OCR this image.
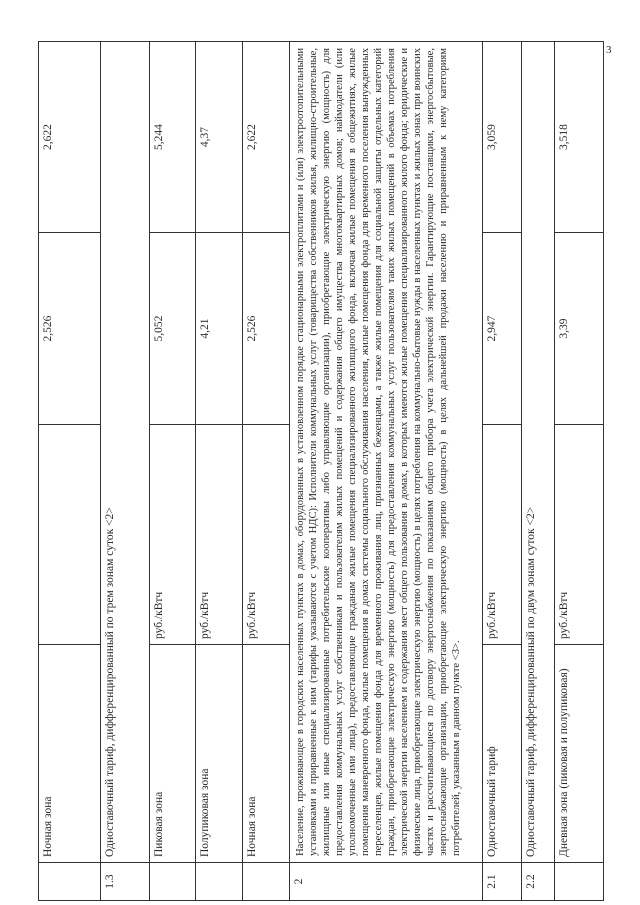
3
	Ночная зона		2,526	2,622
1.3	Одноставочный тариф, дифференцированный по трем зонам суток <2>			
	Пиковая зона	руб./кВтч	5,052	5,244
	Полупиковая зона	руб./кВтч	4,21	4,37
	Ночная зона	руб./кВтч	2,526	2,622
2	Население, проживающее в городских населенных пунктах в домах, оборудованных в установленном порядке стационарными электроплитами и (или) электроотопительными установками и приравненные к ним (тарифы указываются с учетом НДС): Исполнители коммунальных услуг (товарищества собственников жилья, жилищно-строительные, жилищные или иные специализированные потребительские кооперативы либо управляющие организации), приобретающие электрическую энергию (мощность) для предоставления коммунальных услуг собственникам и пользователям жилых помещений и содержания общего имущества многоквартирных домов; наймодатели (или уполномоченные ими лица), предоставляющие гражданам жилые помещения специализированного жилищного фонда, включая жилые помещения в общежитиях, жилые помещения маневренного фонда, жилые помещения в домах системы социального обслуживания населения, жилые помещения фонда для временного поселения вынужденных переселенцев, жилые помещения фонда для временного проживания лиц, признанных беженцами, а также жилые помещения для социальной защиты отдельных категорий граждан, приобретающие электрическую энергию (мощность) для предоставления коммунальных услуг пользователям таких жилых помещений в объемах потребления электрической энергии населением и содержания мест общего пользования в домах, в которых имеются жилые помещения специализированного жилого фонда; юридические и физические лица, приобретающие электрическую энергию (мощность) в целях потребления на коммунально-бытовые нужды в населенных пунктах и жилых зонах при воинских частях и рассчитывающиеся по договору энергоснабжения по показаниям общего прибора учета электрической энергии. Гарантирующие поставщики, энергосбытовые, энергоснабжающие организации, приобретающие электрическую энергию (мощность) в целях дальнейшей продажи населению и приравненным к нему категориям потребителей, указанным в данном пункте <3>.			
2.1	Одноставочный тариф	руб./кВтч	2,947	3,059
2.2	Одноставочный тариф, дифференцированный по двум зонам суток <2>			
	Дневная зона (пиковая и полупиковая)	руб./кВтч	3,39	3,518
